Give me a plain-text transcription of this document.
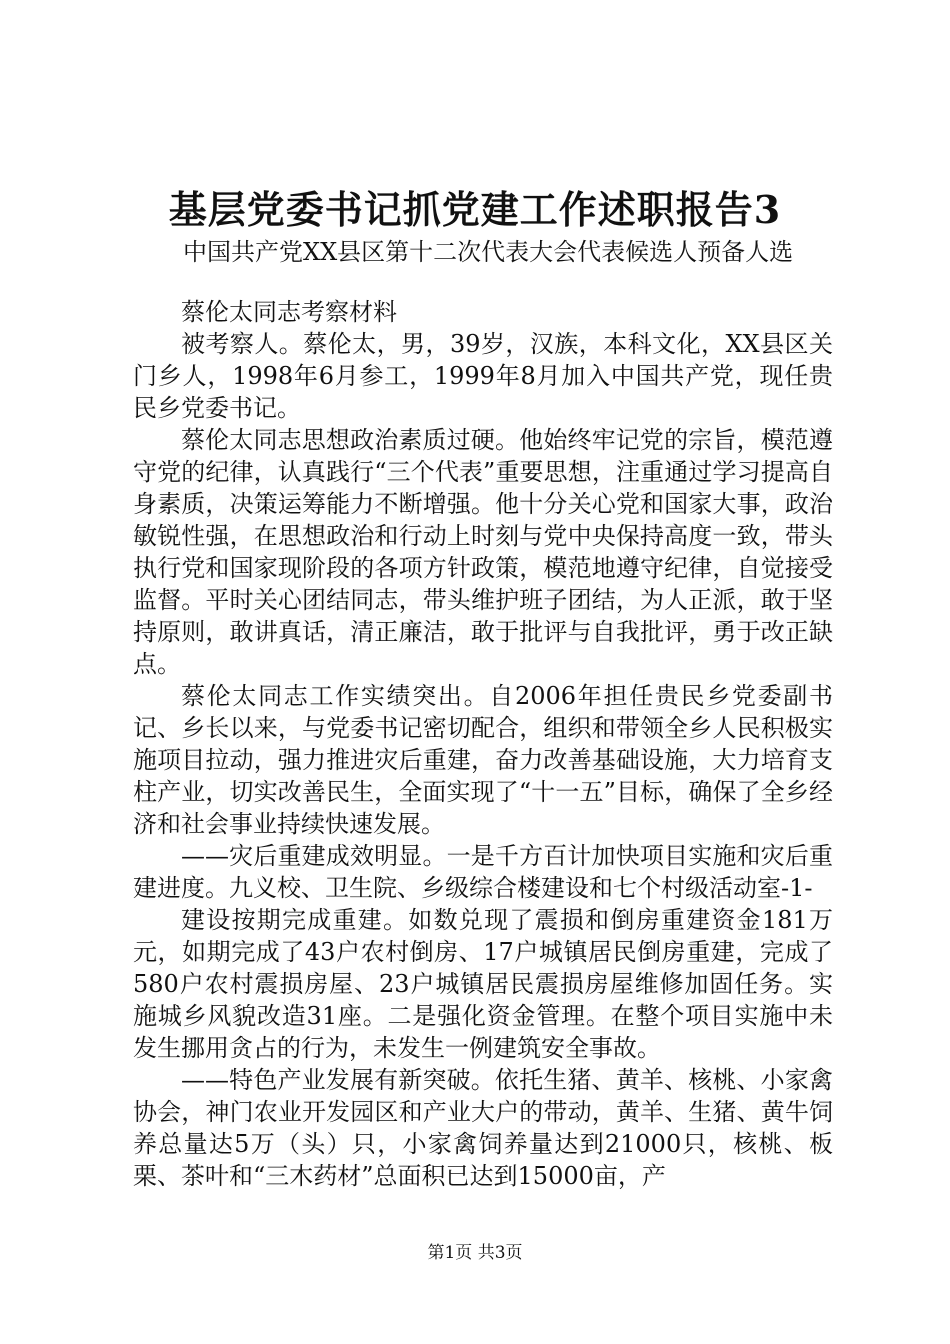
基层党委书记抓党建工作述职报告3
中国共产党XX县区第十二次代表大会代表候选人预备人选

蔡伦太同志考察材料

被考察人。蔡伦太，男，39岁，汉族，本科文化，XX县区关门乡人，1998年6月参工，1999年8月加入中国共产党，现任贵民乡党委书记。

蔡伦太同志思想政治素质过硬。他始终牢记党的宗旨，模范遵守党的纪律，认真践行“三个代表”重要思想，注重通过学习提高自身素质，决策运筹能力不断增强。他十分关心党和国家大事，政治敏锐性强，在思想政治和行动上时刻与党中央保持高度一致，带头执行党和国家现阶段的各项方针政策，模范地遵守纪律，自觉接受监督。平时关心团结同志，带头维护班子团结，为人正派，敢于坚持原则，敢讲真话，清正廉洁，敢于批评与自我批评，勇于改正缺点。

蔡伦太同志工作实绩突出。自2006年担任贵民乡党委副书记、乡长以来，与党委书记密切配合，组织和带领全乡人民积极实施项目拉动，强力推进灾后重建，奋力改善基础设施，大力培育支柱产业，切实改善民生，全面实现了“十一五”目标，确保了全乡经济和社会事业持续快速发展。

——灾后重建成效明显。一是千方百计加快项目实施和灾后重建进度。九义校、卫生院、乡级综合楼建设和七个村级活动室-1-

建设按期完成重建。如数兑现了震损和倒房重建资金181万元，如期完成了43户农村倒房、17户城镇居民倒房重建，完成了580户农村震损房屋、23户城镇居民震损房屋维修加固任务。实施城乡风貌改造31座。二是强化资金管理。在整个项目实施中未发生挪用贪占的行为，未发生一例建筑安全事故。

——特色产业发展有新突破。依托生猪、黄羊、核桃、小家禽协会，神门农业开发园区和产业大户的带动，黄羊、生猪、黄牛饲养总量达5万（头）只，小家禽饲养量达到21000只，核桃、板栗、茶叶和“三木药材”总面积已达到15000亩，产

第1页 共3页
